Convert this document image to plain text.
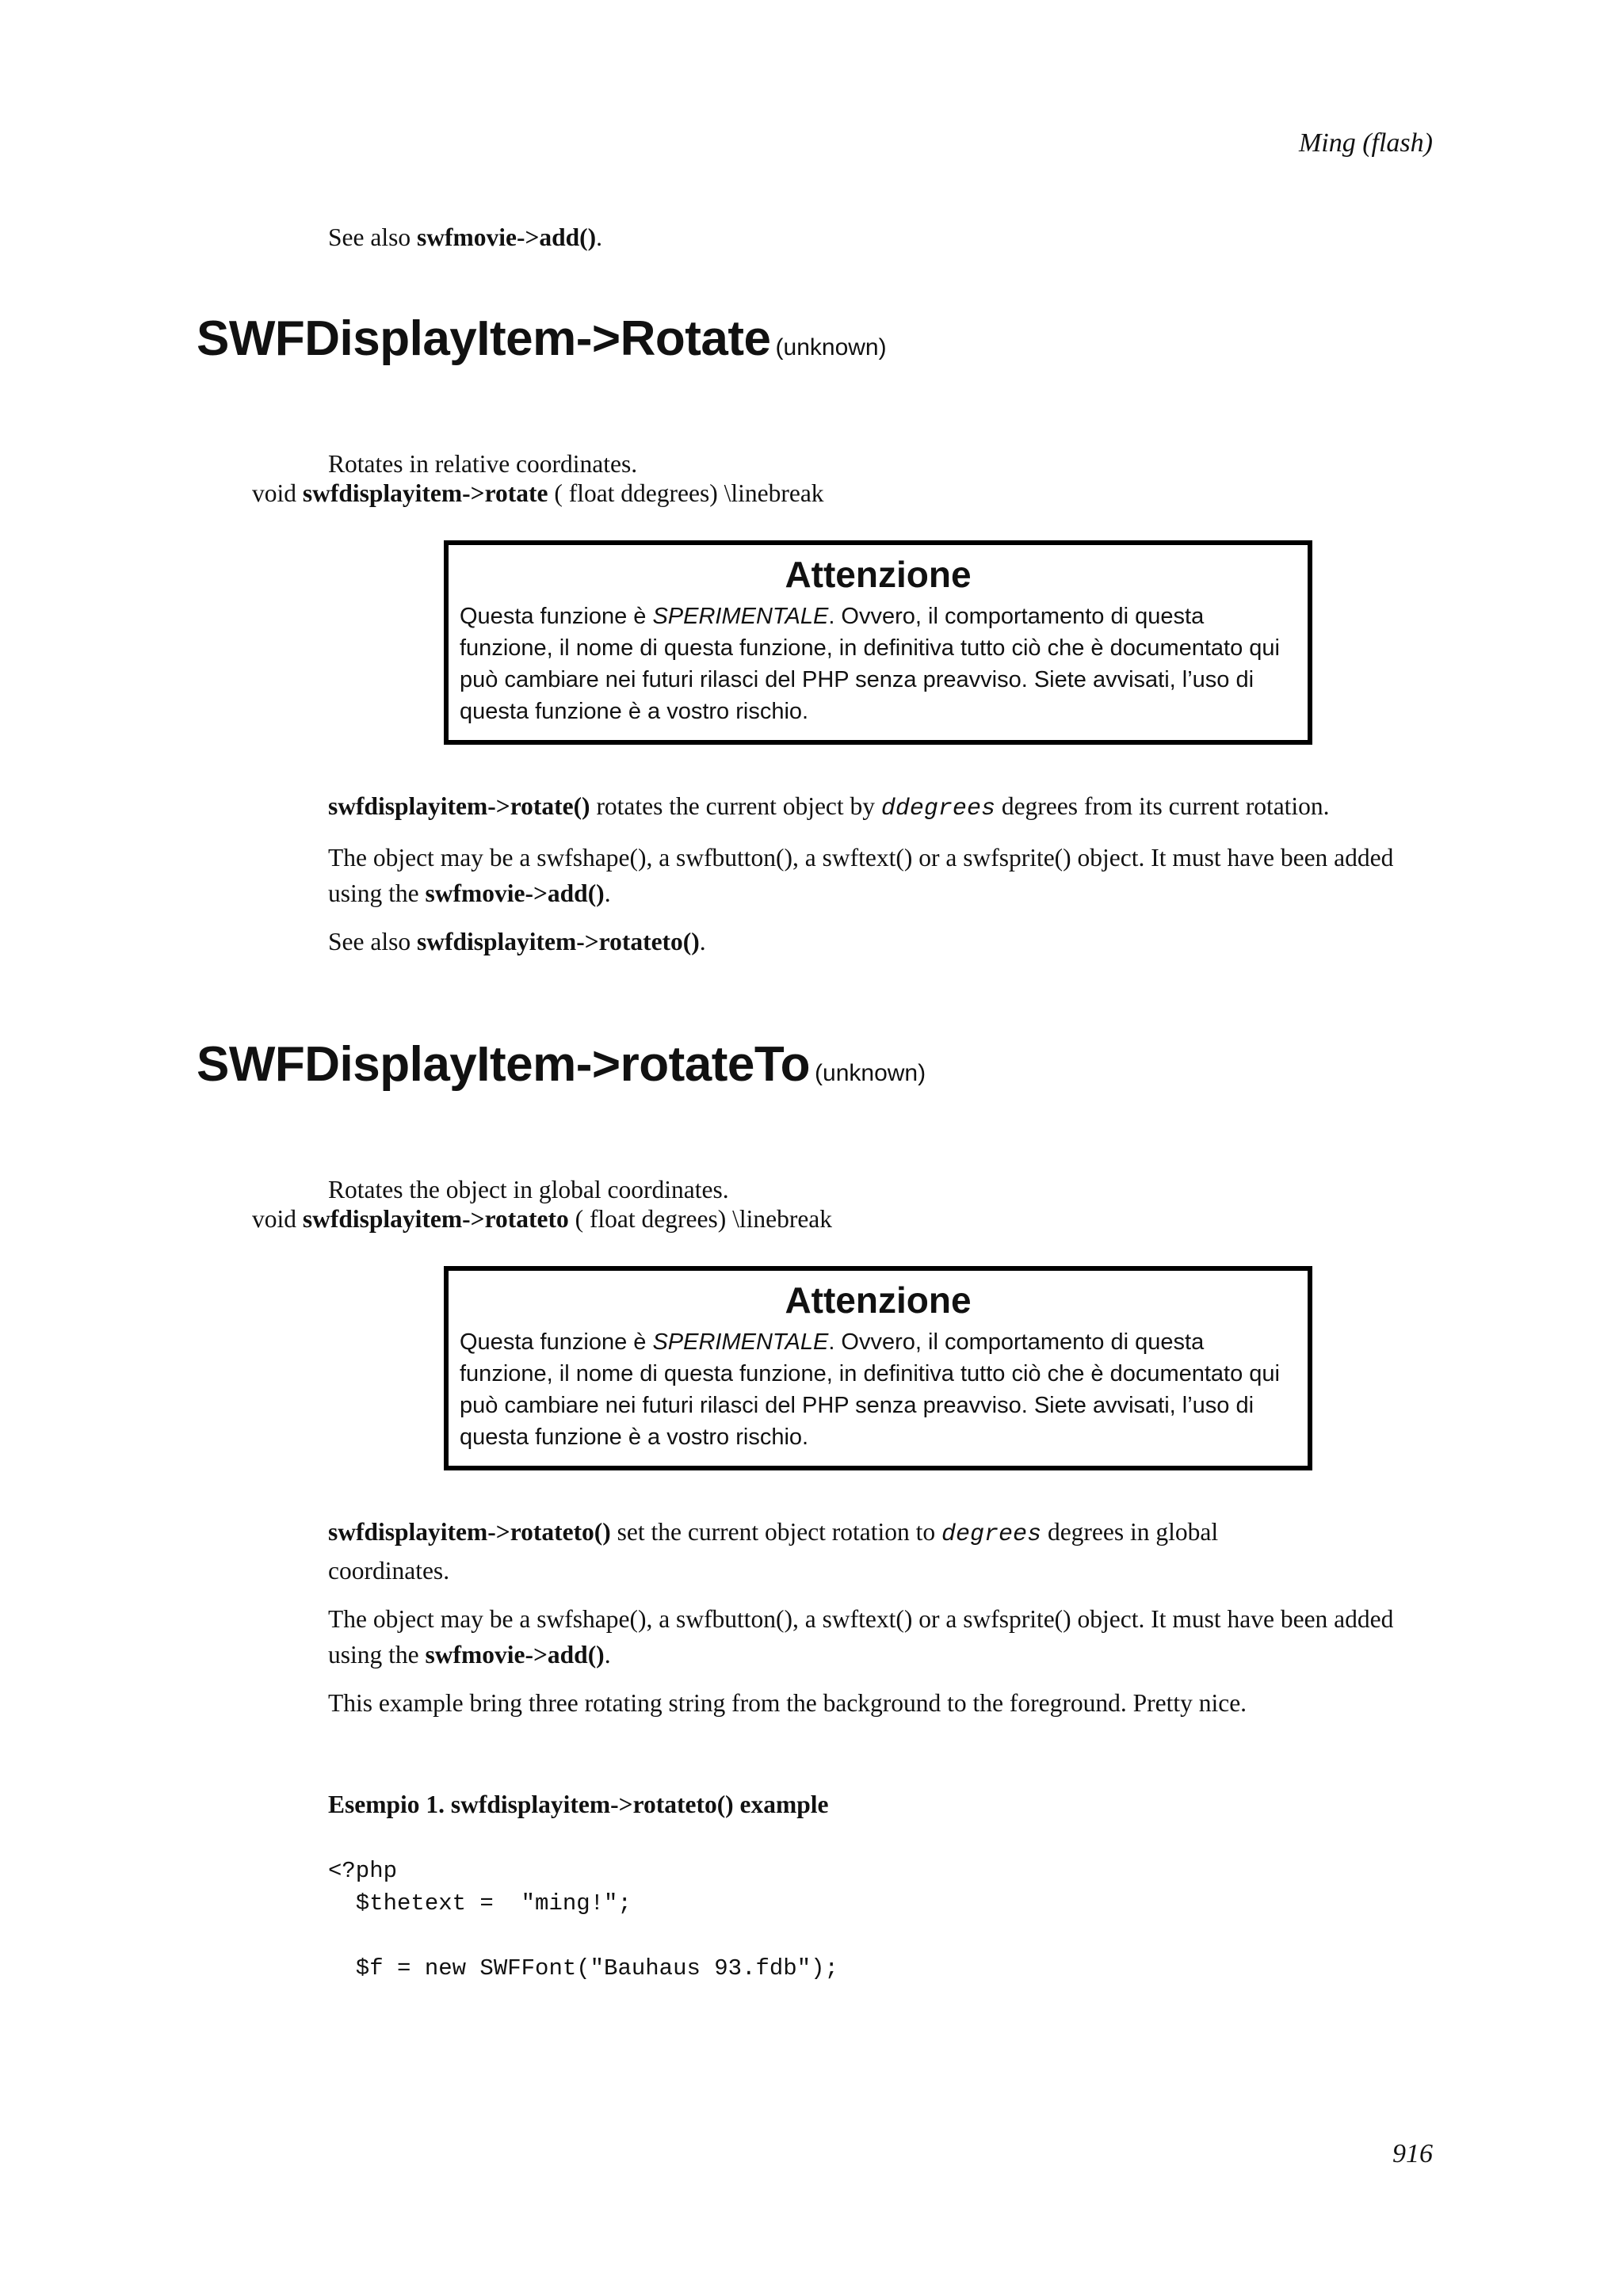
Ming (flash)

See also swfmovie->add().

SWFDisplayItem->Rotate (unknown)

Rotates in relative coordinates.

void swfdisplayitem->rotate ( float ddegrees) \linebreak

Attenzione

Questa funzione è SPERIMENTALE. Ovvero, il comportamento di questa funzione, il nome di questa funzione, in definitiva tutto ciò che è documentato qui può cambiare nei futuri rilasci del PHP senza preavviso. Siete avvisati, l’uso di questa funzione è a vostro rischio.

swfdisplayitem->rotate() rotates the current object by ddegrees degrees from its current rotation.

The object may be a swfshape(), a swfbutton(), a swftext() or a swfsprite() object. It must have been added using the swfmovie->add().

See also swfdisplayitem->rotateto().

SWFDisplayItem->rotateTo (unknown)

Rotates the object in global coordinates.

void swfdisplayitem->rotateto ( float degrees) \linebreak

Attenzione

Questa funzione è SPERIMENTALE. Ovvero, il comportamento di questa funzione, il nome di questa funzione, in definitiva tutto ciò che è documentato qui può cambiare nei futuri rilasci del PHP senza preavviso. Siete avvisati, l’uso di questa funzione è a vostro rischio.

swfdisplayitem->rotateto() set the current object rotation to degrees degrees in global coordinates.

The object may be a swfshape(), a swfbutton(), a swftext() or a swfsprite() object. It must have been added using the swfmovie->add().

This example bring three rotating string from the background to the foreground. Pretty nice.

Esempio 1. swfdisplayitem->rotateto() example

<?php
$thetext =  "ming!";

$f = new SWFFont("Bauhaus 93.fdb");
916
